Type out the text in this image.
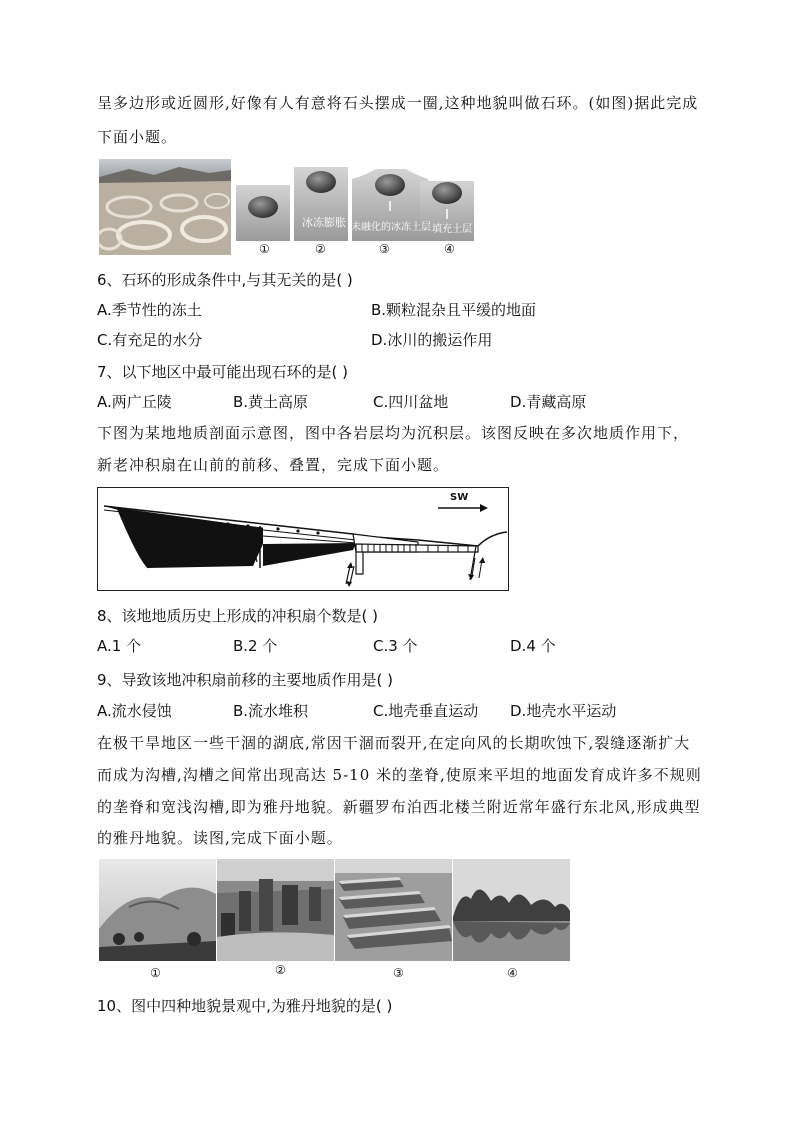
呈多边形或近圆形,好像有人有意将石头摆成一圈,这种地貌叫做石环。(如图)据此完成
下面小题。
冰冻膨胀 未融化的冰冻土层 填充土层
①	②	③	④
6、石环的形成条件中,与其无关的是( )
A.季节性的冻土	B.颗粒混杂且平缓的地面
C.有充足的水分	D.冰川的搬运作用
7、以下地区中最可能出现石环的是( )
A.两广丘陵	B.黄土高原	C.四川盆地	D.青藏高原
下图为某地地质剖面示意图，图中各岩层均为沉积层。该图反映在多次地质作用下，
新老冲积扇在山前的前移、叠置，完成下面小题。
SW
8、该地地质历史上形成的冲积扇个数是( )
A.1 个	B.2 个	C.3 个	D.4 个
9、导致该地冲积扇前移的主要地质作用是( )
A.流水侵蚀	B.流水堆积	C.地壳垂直运动 D.地壳水平运动
在极干旱地区一些干涸的湖底,常因干涸而裂开,在定向风的长期吹蚀下,裂缝逐渐扩大
而成为沟槽,沟槽之间常出现高达 5-10 米的垄脊,使原来平坦的地面发育成许多不规则
的垄脊和宽浅沟槽,即为雅丹地貌。新疆罗布泊西北楼兰附近常年盛行东北风,形成典型
的雅丹地貌。读图,完成下面小题。
①	②	③	④
10、图中四种地貌景观中,为雅丹地貌的是( )
